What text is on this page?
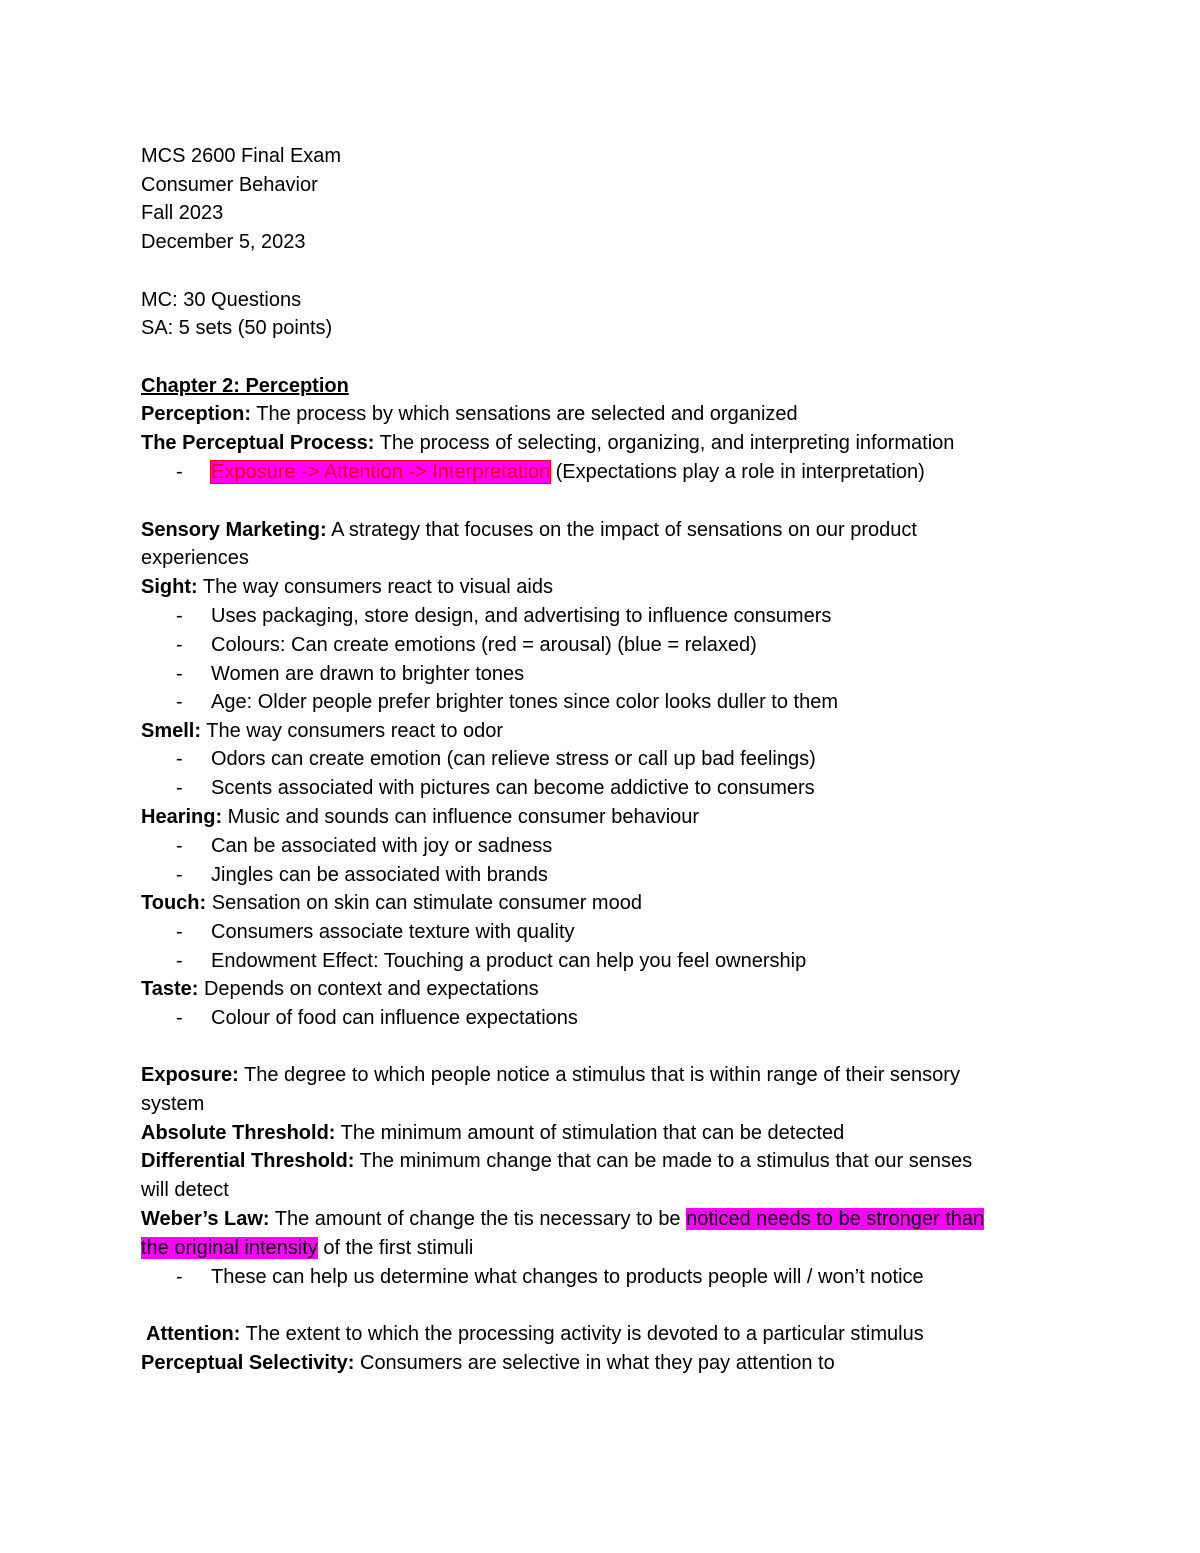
MCS 2600 Final Exam
Consumer Behavior
Fall 2023
December 5, 2023
MC: 30 Questions
SA: 5 sets (50 points)
Chapter 2: Perception
Perception: The process by which sensations are selected and organized
The Perceptual Process: The process of selecting, organizing, and interpreting information
- Exposure -> Attention -> Interpretation (Expectations play a role in interpretation)
Sensory Marketing: A strategy that focuses on the impact of sensations on our product
experiences
Sight: The way consumers react to visual aids
- Uses packaging, store design, and advertising to influence consumers
- Colours: Can create emotions (red = arousal) (blue = relaxed)
- Women are drawn to brighter tones
- Age: Older people prefer brighter tones since color looks duller to them
Smell: The way consumers react to odor
- Odors can create emotion (can relieve stress or call up bad feelings)
- Scents associated with pictures can become addictive to consumers
Hearing: Music and sounds can influence consumer behaviour
- Can be associated with joy or sadness
- Jingles can be associated with brands
Touch: Sensation on skin can stimulate consumer mood
- Consumers associate texture with quality
- Endowment Effect: Touching a product can help you feel ownership
Taste: Depends on context and expectations
- Colour of food can influence expectations
Exposure: The degree to which people notice a stimulus that is within range of their sensory
system
Absolute Threshold: The minimum amount of stimulation that can be detected
Differential Threshold: The minimum change that can be made to a stimulus that our senses
will detect
Weber’s Law: The amount of change the tis necessary to be noticed needs to be stronger than
the original intensity of the first stimuli
- These can help us determine what changes to products people will / won’t notice
Attention: The extent to which the processing activity is devoted to a particular stimulus
Perceptual Selectivity: Consumers are selective in what they pay attention to
